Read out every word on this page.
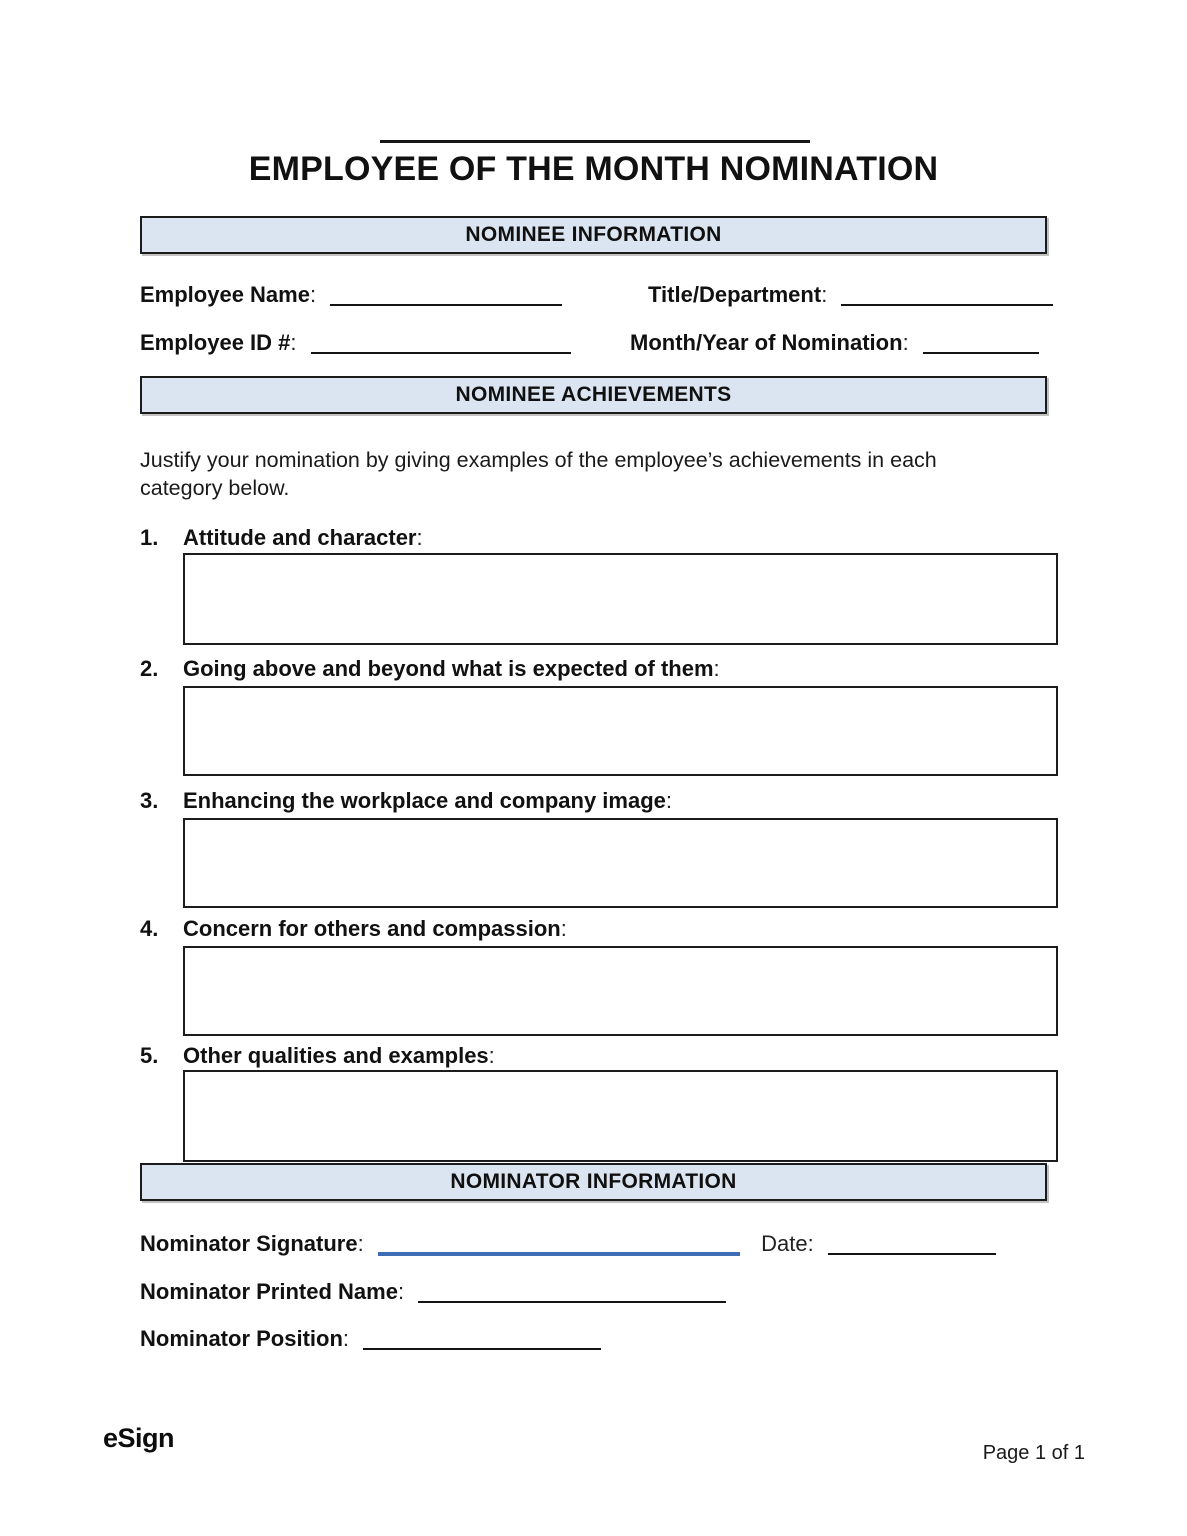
EMPLOYEE OF THE MONTH NOMINATION
NOMINEE INFORMATION
Employee Name:	Title/Department:
Employee ID #:	Month/Year of Nomination:
NOMINEE ACHIEVEMENTS
Justify your nomination by giving examples of the employee’s achievements in each category below.
1. Attitude and character:
2. Going above and beyond what is expected of them:
3. Enhancing the workplace and company image:
4. Concern for others and compassion:
5. Other qualities and examples:
NOMINATOR INFORMATION
Nominator Signature:	Date:
Nominator Printed Name:
Nominator Position:
eSign	Page 1 of 1
